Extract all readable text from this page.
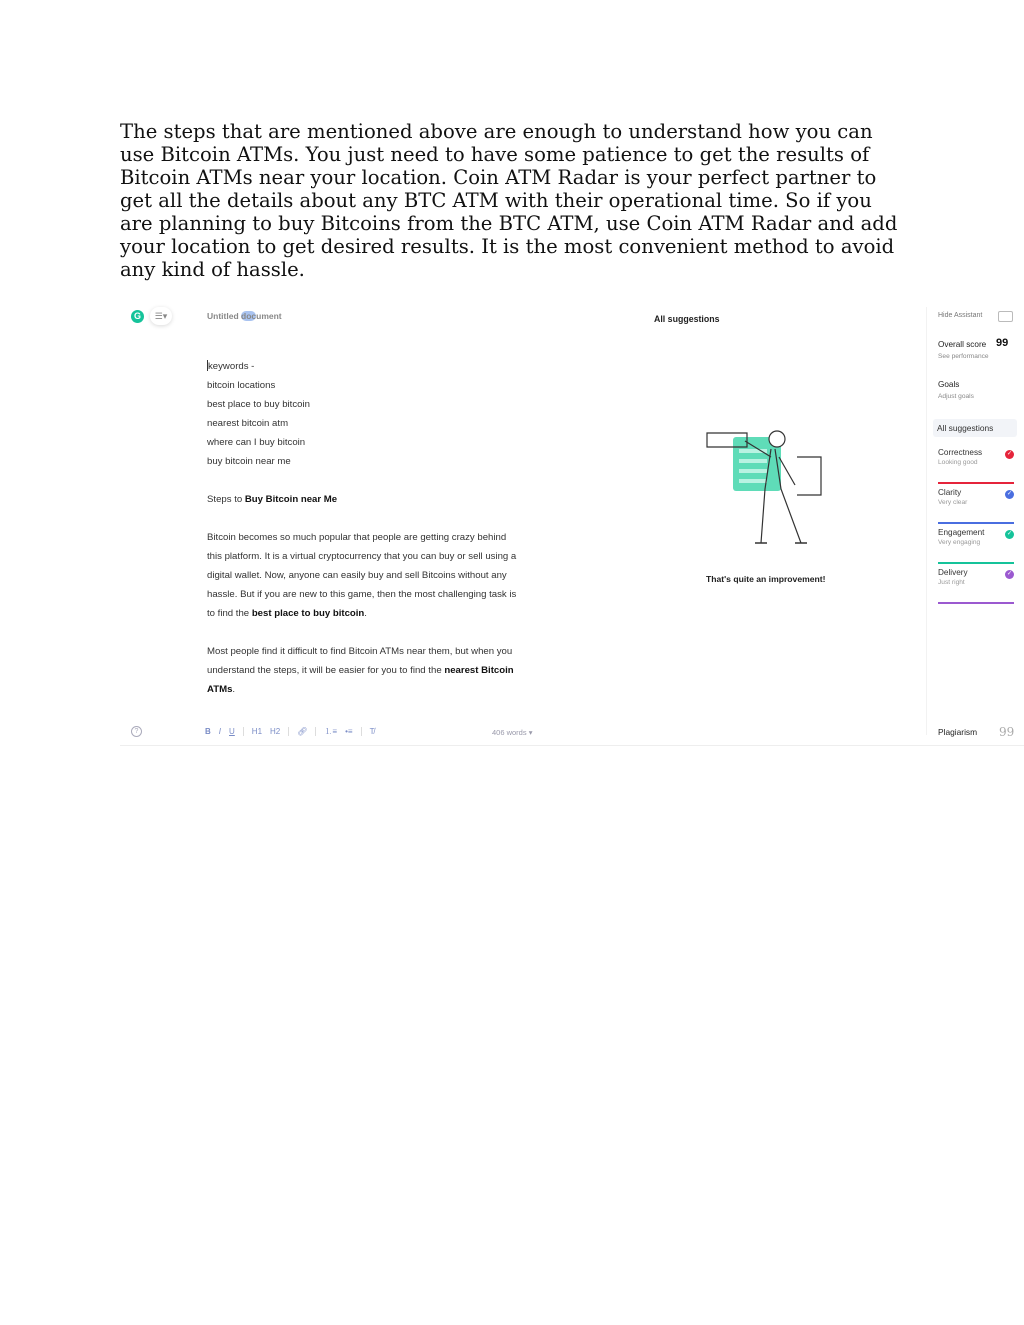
The steps that are mentioned above are enough to understand how you can use Bitcoin ATMs. You just need to have some patience to get the results of Bitcoin ATMs near your location. Coin ATM Radar is your perfect partner to get all the details about any BTC ATM with their operational time. So if you are planning to buy Bitcoins from the BTC ATM, use Coin ATM Radar and add your location to get desired results. It is the most convenient method to avoid any kind of hassle.

G	☰▾	Untitled document
keywords -
bitcoin locations
best place to buy bitcoin
nearest bitcoin atm
where can I buy bitcoin
buy bitcoin near me
Steps to Buy Bitcoin near Me
Bitcoin becomes so much popular that people are getting crazy behind
this platform. It is a virtual cryptocurrency that you can buy or sell using a
digital wallet. Now, anyone can easily buy and sell Bitcoins without any
hassle. But if you are new to this game, then the most challenging task is
to find the best place to buy bitcoin.
Most people find it difficult to find Bitcoin ATMs near them, but when you
understand the steps, it will be easier for you to find the nearest Bitcoin
ATMs.
?	B I U H1 H2 🔗︎ ⒈≡ •≡ T̸	406 words ▾
All suggestions
That's quite an improvement!
Hide Assistant
Overall score 99
See performance
Goals
Adjust goals
All suggestions
Correctness
Looking good
✓
Clarity
Very clear
✓
Engagement
Very engaging
✓
Delivery
Just right
✓
Plagiarism 99
